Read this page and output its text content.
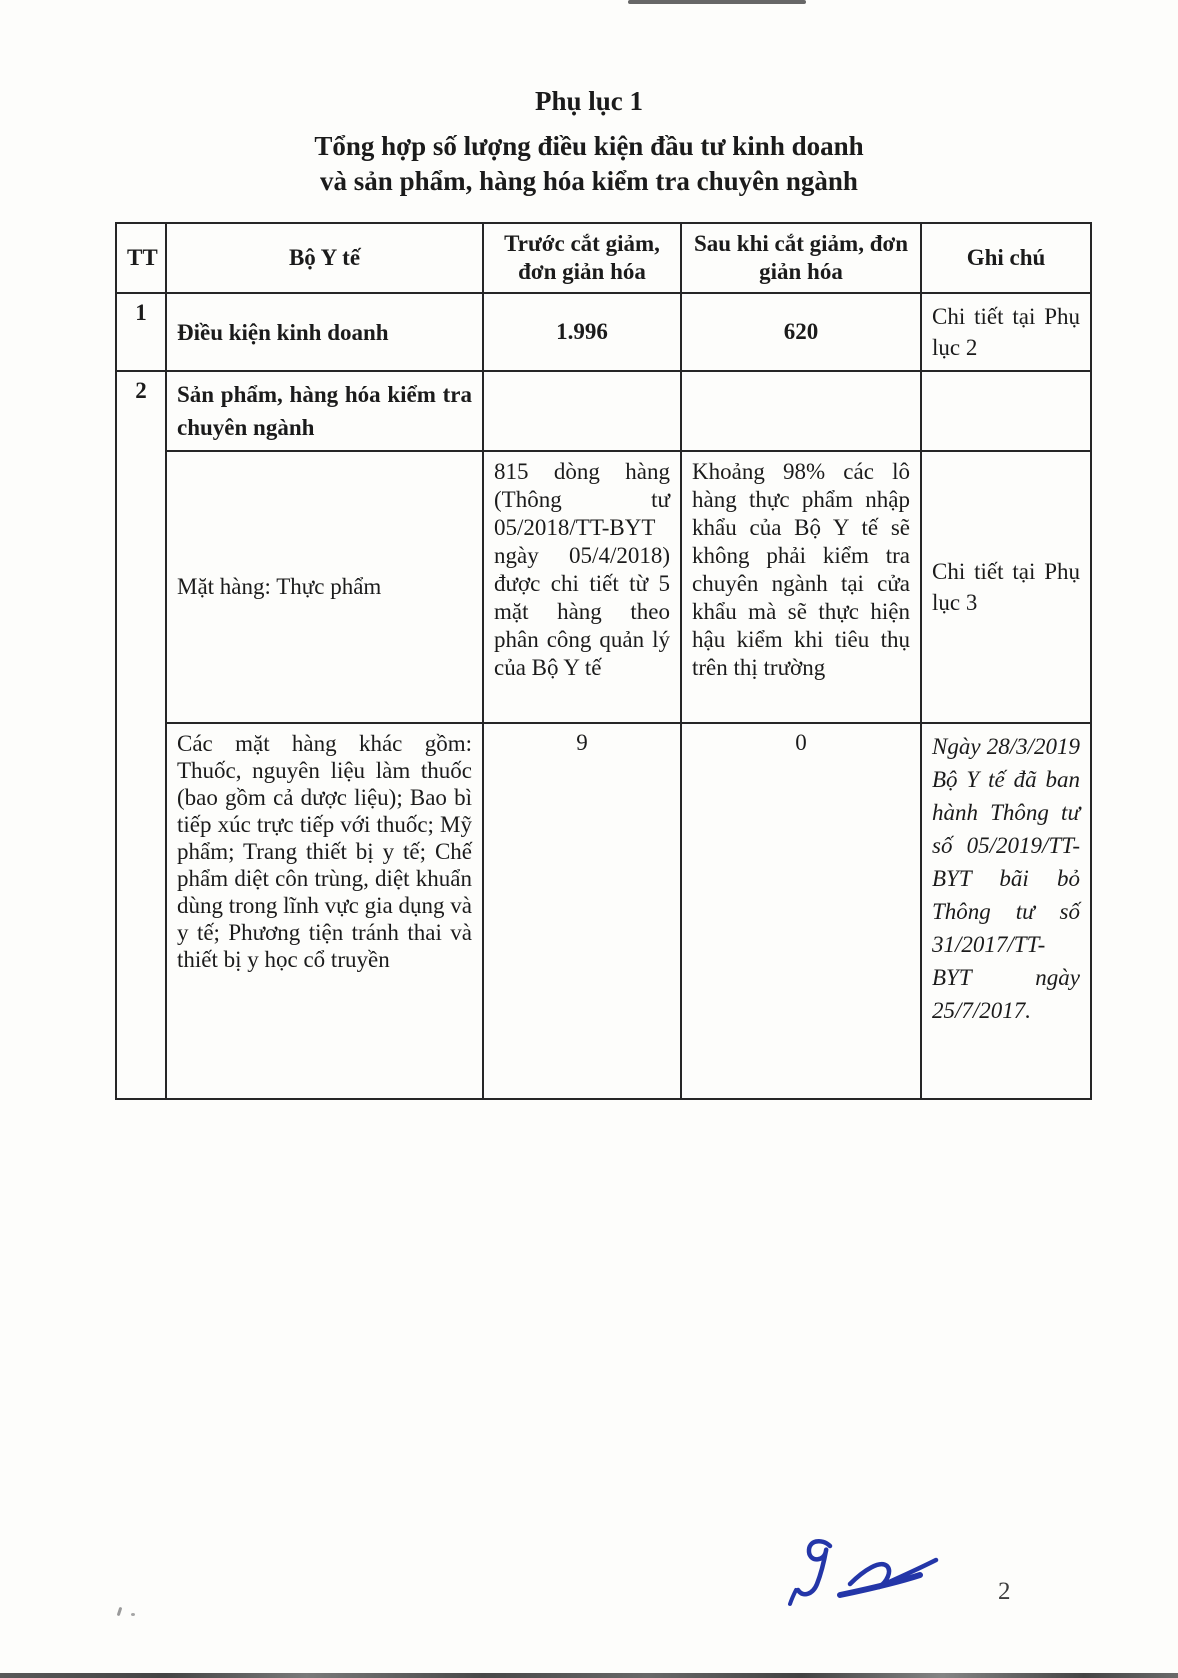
Phụ lục 1
Tổng hợp số lượng điều kiện đầu tư kinh doanh
và sản phẩm, hàng hóa kiểm tra chuyên ngành
TT	Bộ Y tế	Trước cắt giảm, đơn giản hóa	Sau khi cắt giảm, đơn giản hóa	Ghi chú
1	Điều kiện kinh doanh	1.996	620	Chi tiết tại Phụ lục 2
2	Sản phẩm, hàng hóa kiểm tra chuyên ngành			
	Mặt hàng: Thực phẩm	815 dòng hàng (Thông tư 05/2018/TT-BYT ngày 05/4/2018) được chi tiết từ 5 mặt hàng theo phân công quản lý của Bộ Y tế	Khoảng 98% các lô hàng thực phẩm nhập khẩu của Bộ Y tế sẽ không phải kiểm tra chuyên ngành tại cửa khẩu mà sẽ thực hiện hậu kiểm khi tiêu thụ trên thị trường	Chi tiết tại Phụ lục 3
	Các mặt hàng khác gồm: Thuốc, nguyên liệu làm thuốc (bao gồm cả dược liệu); Bao bì tiếp xúc trực tiếp với thuốc; Mỹ phẩm; Trang thiết bị y tế; Chế phẩm diệt côn trùng, diệt khuẩn dùng trong lĩnh vực gia dụng và y tế; Phương tiện tránh thai và thiết bị y học cổ truyền	9	0	Ngày 28/3/2019 Bộ Y tế đã ban hành Thông tư số 05/2019/TT-BYT bãi bỏ Thông tư số 31/2017/TT-BYT ngày 25/7/2017.
2
